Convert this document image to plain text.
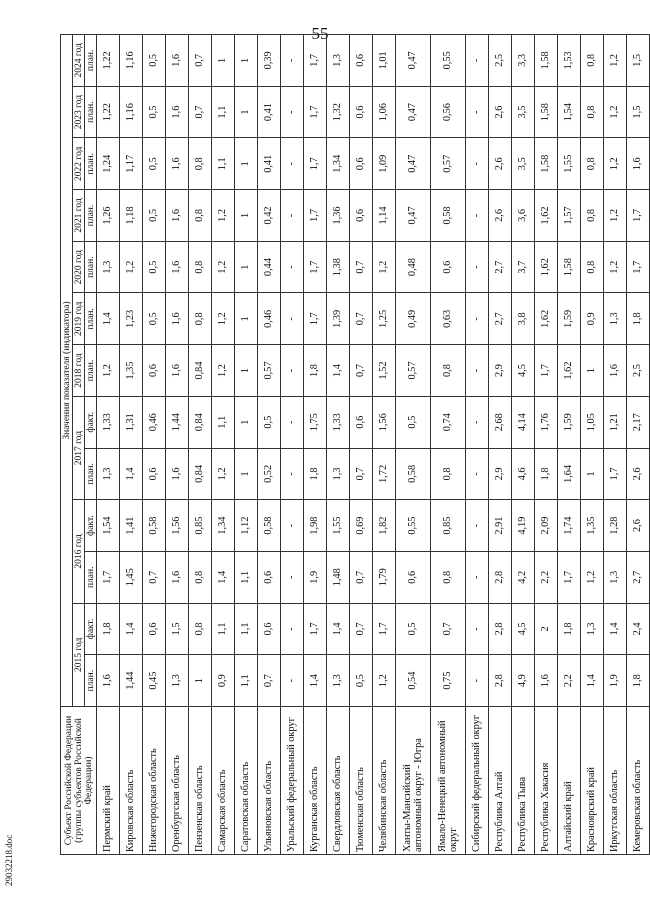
55
29032218.doc
Субъект Российской Федерации (группы субъектов Российской Федерации)	Значения показателя (индикатора)												
	2015 год		2016 год		2017 год		2018 год	2019 год	2020 год	2021 год	2022 год	2023 год	2024 год
	план.	факт.	план.	факт.	план.	факт.	план.	план.	план.	план.	план.	план.	план.
Пермский край	1,6	1,8	1,7	1,54	1,3	1,33	1,2	1,4	1,3	1,26	1,24	1,22	1,22
Кировская область	1,44	1,4	1,45	1,41	1,4	1,31	1,35	1,23	1,2	1,18	1,17	1,16	1,16
Нижегородская область	0,45	0,6	0,7	0,58	0,6	0,46	0,6	0,5	0,5	0,5	0,5	0,5	0,5
Оренбургская область	1,3	1,5	1,6	1,56	1,6	1,44	1,6	1,6	1,6	1,6	1,6	1,6	1,6
Пензенская область	1	0,8	0,8	0,85	0,84	0,84	0,84	0,8	0,8	0,8	0,8	0,7	0,7
Самарская область	0,9	1,1	1,4	1,34	1,2	1,1	1,2	1,2	1,2	1,2	1,1	1,1	1
Саратовская область	1,1	1,1	1,1	1,12	1	1	1	1	1	1	1	1	1
Ульяновская область	0,7	0,6	0,6	0,58	0,52	0,5	0,57	0,46	0,44	0,42	0,41	0,41	0,39
Уральский федеральный округ	-	-	-	-	-	-	-	-	-	-	-	-	-
Курганская область	1,4	1,7	1,9	1,98	1,8	1,75	1,8	1,7	1,7	1,7	1,7	1,7	1,7
Свердловская область	1,3	1,4	1,48	1,55	1,3	1,33	1,4	1,39	1,38	1,36	1,34	1,32	1,3
Тюменская область	0,5	0,7	0,7	0,69	0,7	0,6	0,7	0,7	0,7	0,6	0,6	0,6	0,6
Челябинская область	1,2	1,7	1,79	1,82	1,72	1,56	1,52	1,25	1,2	1,14	1,09	1,06	1,01
Ханты-Мансийский автономный округ - Югра	0,54	0,5	0,6	0,55	0,58	0,5	0,57	0,49	0,48	0,47	0,47	0,47	0,47
Ямало-Ненецкий автономный округ	0,75	0,7	0,8	0,85	0,8	0,74	0,8	0,63	0,6	0,58	0,57	0,56	0,55
Сибирский федеральный округ	-	-	-	-	-	-	-	-	-	-	-	-	-
Республика Алтай	2,8	2,8	2,8	2,91	2,9	2,68	2,9	2,7	2,7	2,6	2,6	2,6	2,5
Республика Тыва	4,9	4,5	4,2	4,19	4,6	4,14	4,5	3,8	3,7	3,6	3,5	3,5	3,3
Республика Хакасия	1,6	2	2,2	2,09	1,8	1,76	1,7	1,62	1,62	1,62	1,58	1,58	1,58
Алтайский край	2,2	1,8	1,7	1,74	1,64	1,59	1,62	1,59	1,58	1,57	1,55	1,54	1,53
Красноярский край	1,4	1,3	1,2	1,35	1	1,05	1	0,9	0,8	0,8	0,8	0,8	0,8
Иркутская область	1,9	1,4	1,3	1,28	1,7	1,21	1,6	1,3	1,2	1,2	1,2	1,2	1,2
Кемеровская область	1,8	2,4	2,7	2,6	2,6	2,17	2,5	1,8	1,7	1,7	1,6	1,5	1,5
